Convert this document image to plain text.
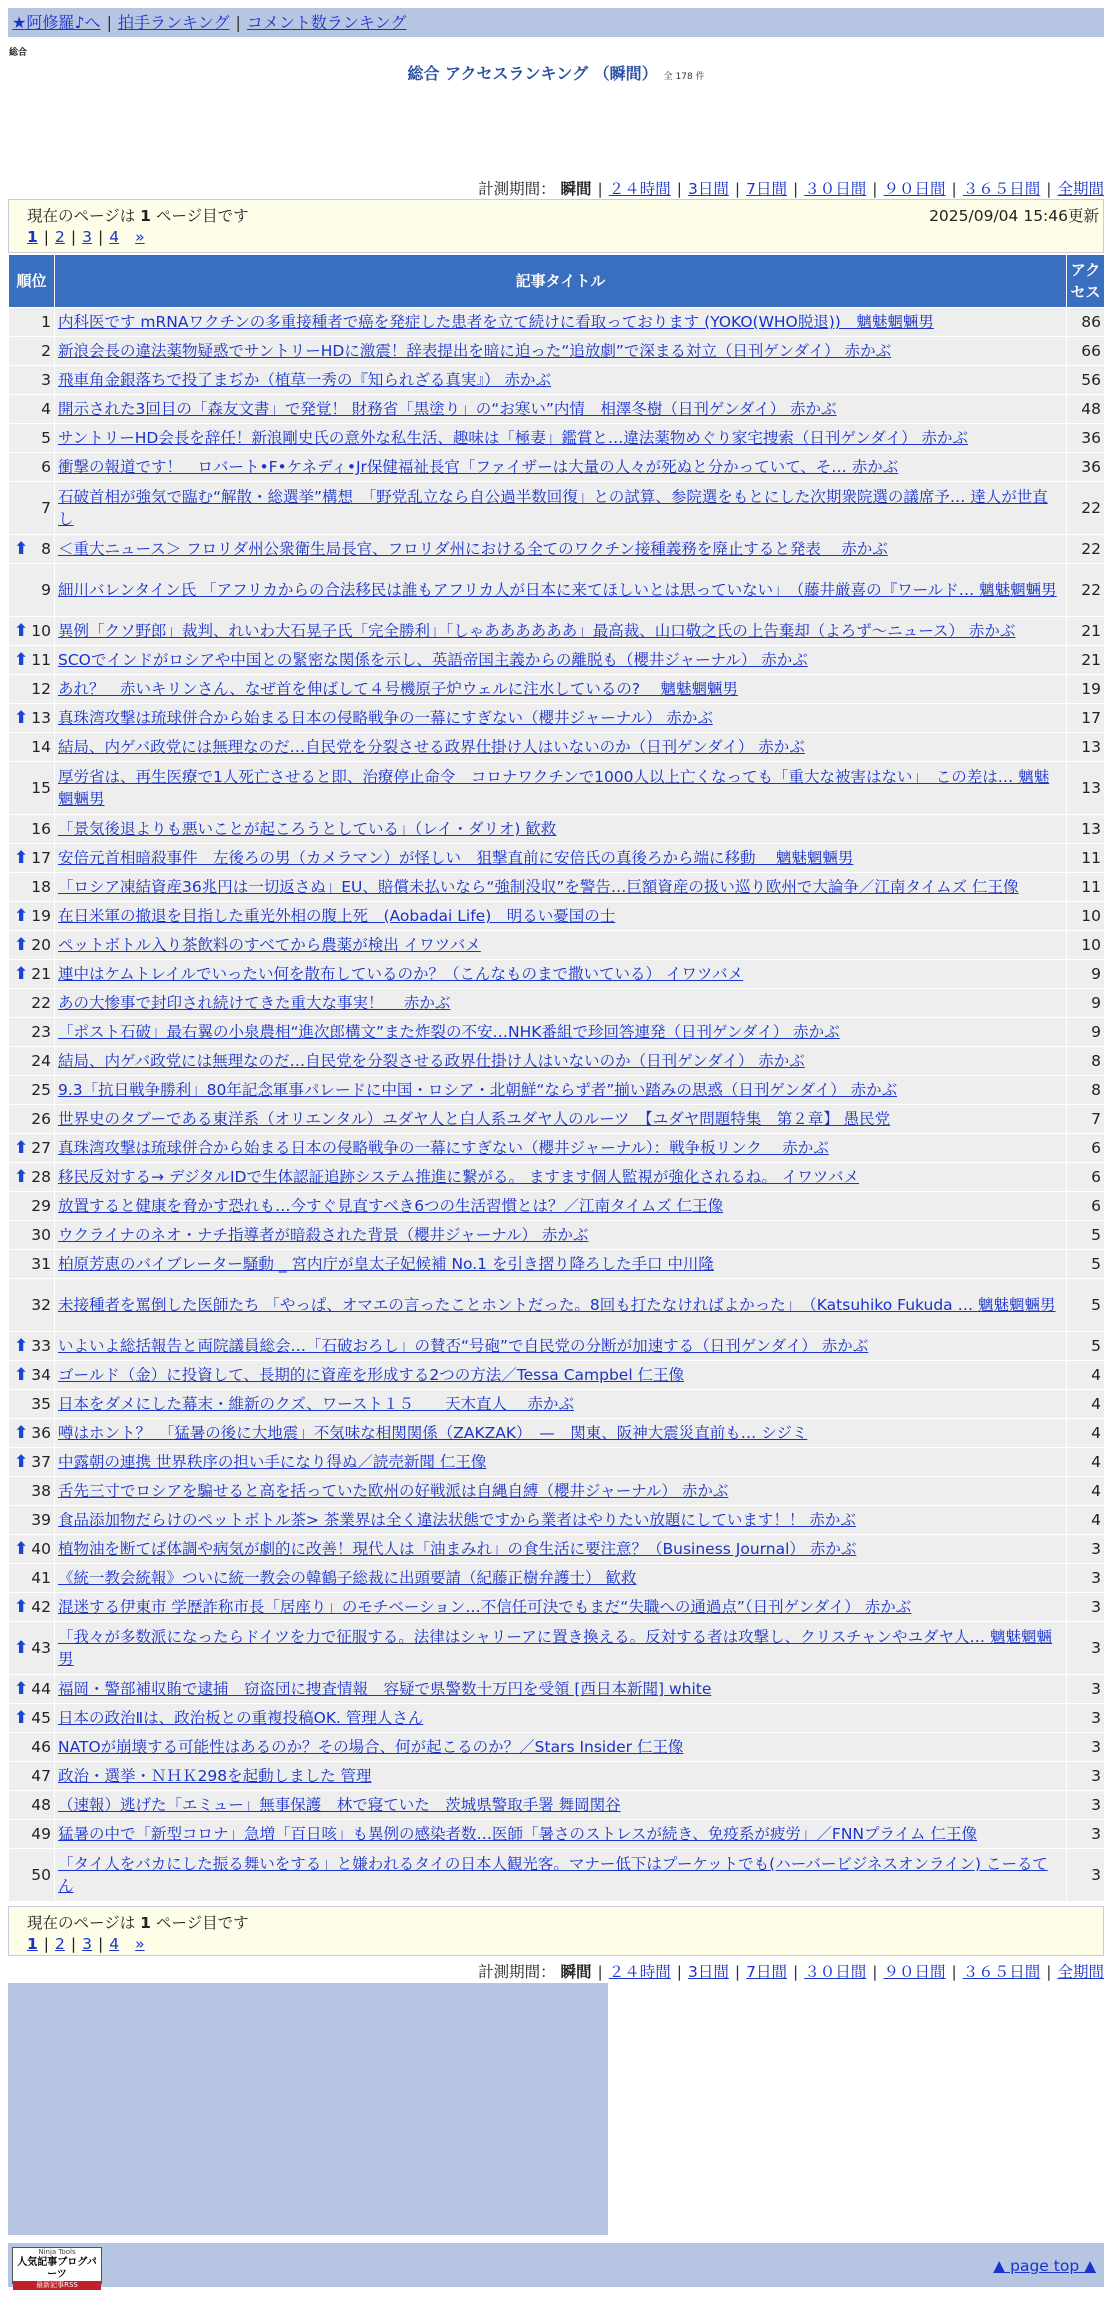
★阿修羅♪へ | 拍手ランキング | コメント数ランキング
総合
総合 アクセスランキング （瞬間） 全 178 件
計測期間： 瞬間 | ２４時間 | 3日間 | 7日間 | ３０日間 | ９０日間 | ３６５日間 | 全期間
現在のページは 1 ページ目です	2025/09/04 15:46更新
1 | 2 | 3 | 4 »
順位	記事タイトル	アクセス
1	内科医です mRNAワクチンの多重接種者で癌を発症した患者を立て続けに看取っております (YOKO(WHO脱退))　魑魅魍魎男	86
2	新浪会長の違法薬物疑惑でサントリーHDに激震！辞表提出を暗に迫った“追放劇”で深まる対立（日刊ゲンダイ） 赤かぶ	66
3	飛車角金銀落ちで投了まぢか（植草一秀の『知られざる真実』） 赤かぶ	56
4	開示された3回目の「森友文書」で発覚！ 財務省「黒塗り」の“お寒い”内情　相澤冬樹（日刊ゲンダイ） 赤かぶ	48
5	サントリーHD会長を辞任！新浪剛史氏の意外な私生活、趣味は「極妻」鑑賞と…違法薬物めぐり家宅捜索（日刊ゲンダイ） 赤かぶ	36
6	衝撃の報道です！　ロバート•F•ケネディ•Jr保健福祉長官「ファイザーは大量の人々が死ぬと分かっていて、そ… 赤かぶ	36
7	石破首相が強気で臨む“解散・総選挙”構想　「野党乱立なら自公過半数回復」との試算、参院選をもとにした次期衆院選の議席予… 達人が世直し	22

⬆ 8	＜重大ニュース＞ フロリダ州公衆衛生局長官、フロリダ州における全てのワクチン接種義務を廃止すると発表　 赤かぶ	22
9	細川バレンタイン氏 「アフリカからの合法移民は誰もアフリカ人が日本に来てほしいとは思っていない」　（藤井厳喜の『ワールド… 魑魅魍魎男	22

⬆ 10	異例「クソ野郎」裁判、れいわ大石晃子氏「完全勝利」「しゃああああああ」最高裁、山口敬之氏の上告棄却（よろず～ニュース） 赤かぶ	21

⬆ 11	SCOでインドがロシアや中国との緊密な関係を示し、英語帝国主義からの離脱も（櫻井ジャーナル） 赤かぶ	21
12	あれ？　赤いキリンさん、なぜ首を伸ばして４号機原子炉ウェルに注水しているの?　 魑魅魍魎男	19

⬆ 13	真珠湾攻撃は琉球併合から始まる日本の侵略戦争の一幕にすぎない（櫻井ジャーナル） 赤かぶ	17
14	結局、内ゲバ政党には無理なのだ…自民党を分裂させる政界仕掛け人はいないのか（日刊ゲンダイ） 赤かぶ	13
15	厚労省は、再生医療で1人死亡させると即、治療停止命令　コロナワクチンで1000人以上亡くなっても「重大な被害はない」　この差は… 魑魅魍魎男	13
16	「景気後退よりも悪いことが起ころうとしている」（レイ・ダリオ) 歓救	13

⬆ 17	安倍元首相暗殺事件　左後ろの男（カメラマン）が怪しい　狙撃直前に安倍氏の真後ろから端に移動　 魑魅魍魎男	11
18	「ロシア凍結資産36兆円は一切返さぬ」EU、賠償未払いなら“強制没収”を警告…巨額資産の扱い巡り欧州で大論争／江南タイムズ 仁王像	11

⬆ 19	在日米軍の撤退を目指した重光外相の腹上死　(Aobadai Life)　明るい憂国の士	10

⬆ 20	ペットボトル入り茶飲料のすべてから農薬が検出 イワツバメ	10

⬆ 21	連中はケムトレイルでいったい何を散布しているのか？（こんなものまで撒いている） イワツバメ	9
22	あの大惨事で封印され続けてきた重大な事実！　 赤かぶ	9
23	「ポスト石破」最右翼の小泉農相“進次郎構文”また炸裂の不安…NHK番組で珍回答連発（日刊ゲンダイ） 赤かぶ	9
24	結局、内ゲバ政党には無理なのだ…自民党を分裂させる政界仕掛け人はいないのか（日刊ゲンダイ） 赤かぶ	8
25	9.3「抗日戦争勝利」80年記念軍事パレードに中国・ロシア・北朝鮮“ならず者”揃い踏みの思惑（日刊ゲンダイ） 赤かぶ	8
26	世界史のタブーである東洋系（オリエンタル）ユダヤ人と白人系ユダヤ人のルーツ　【ユダヤ問題特集　第２章】 愚民党	7

⬆ 27	真珠湾攻撃は琉球併合から始まる日本の侵略戦争の一幕にすぎない（櫻井ジャーナル）：戦争板リンク　 赤かぶ	6

⬆ 28	移民反対する→ デジタルIDで生体認証追跡システム推進に繋がる。 ますます個人監視が強化されるね。 イワツバメ	6
29	放置すると健康を脅かす恐れも…今すぐ見直すべき6つの生活習慣とは？／江南タイムズ 仁王像	6
30	ウクライナのネオ・ナチ指導者が暗殺された背景（櫻井ジャーナル） 赤かぶ	5
31	柏原芳恵のバイブレーター騒動 _ 宮内庁が皇太子妃候補 No.1 を引き摺り降ろした手口 中川隆	5
32	未接種者を罵倒した医師たち 「やっぱ、オマエの言ったことホントだった。8回も打たなければよかった」　（Katsuhiko Fukuda … 魑魅魍魎男	5

⬆ 33	いよいよ総括報告と両院議員総会…「石破おろし」の賛否“号砲”で自民党の分断が加速する（日刊ゲンダイ） 赤かぶ	5

⬆ 34	ゴールド（金）に投資して、長期的に資産を形成する2つの方法／Tessa Campbel 仁王像	4
35	日本をダメにした幕末・維新のクズ、ワースト１５　　天木直人　 赤かぶ	4

⬆ 36	噂はホント？　「猛暑の後に大地震」不気味な相関関係（ZAKZAK）　—　関東、阪神大震災直前も… シジミ	4

⬆ 37	中露朝の連携 世界秩序の担い手になり得ぬ／読売新聞 仁王像	4
38	舌先三寸でロシアを騙せると高を括っていた欧州の好戦派は自縄自縛（櫻井ジャーナル） 赤かぶ	4
39	食品添加物だらけのペットボトル茶> 茶業界は全く違法状態ですから業者はやりたい放題にしています！！ 赤かぶ	4

⬆ 40	植物油を断てば体調や病気が劇的に改善！現代人は「油まみれ」の食生活に要注意？（Business Journal） 赤かぶ	3
41	《統一教会統報》ついに統一教会の韓鶴子総裁に出頭要請（紀藤正樹弁護士） 歓救	3

⬆ 42	混迷する伊東市 学歴詐称市長「居座り」のモチベーション…不信任可決でもまだ“失職への通過点”（日刊ゲンダイ） 赤かぶ	3

⬆ 43	「我々が多数派になったらドイツを力で征服する。法律はシャリーアに置き換える。反対する者は攻撃し、クリスチャンやユダヤ人… 魑魅魍魎男	3

⬆ 44	福岡・警部補収賄で逮捕　窃盗団に捜査情報　容疑で県警数十万円を受領 [西日本新聞] white	3

⬆ 45	日本の政治Ⅱは、政治板との重複投稿OK. 管理人さん	3
46	NATOが崩壊する可能性はあるのか？その場合、何が起こるのか？／Stars Insider 仁王像	3
47	政治・選挙・ＮＨＫ298を起動しました 管理	3
48	（速報）逃げた「エミュー」無事保護　林で寝ていた　茨城県警取手署 舞岡関谷	3
49	猛暑の中で「新型コロナ」急増「百日咳」も異例の感染者数…医師「暑さのストレスが続き、免疫系が疲労」／FNNプライム 仁王像	3
50	「タイ人をバカにした振る舞いをする」と嫌われるタイの日本人観光客。マナー低下はプーケットでも(ハーバービジネスオンライン) こーるてん	3
現在のページは 1 ページ目です
1 | 2 | 3 | 4 »
計測期間： 瞬間 | ２４時間 | 3日間 | 7日間 | ３０日間 | ９０日間 | ３６５日間 | 全期間
Ninja Tools
人気記事ブログパーツ
最新記事RSS
▲ page top ▲
